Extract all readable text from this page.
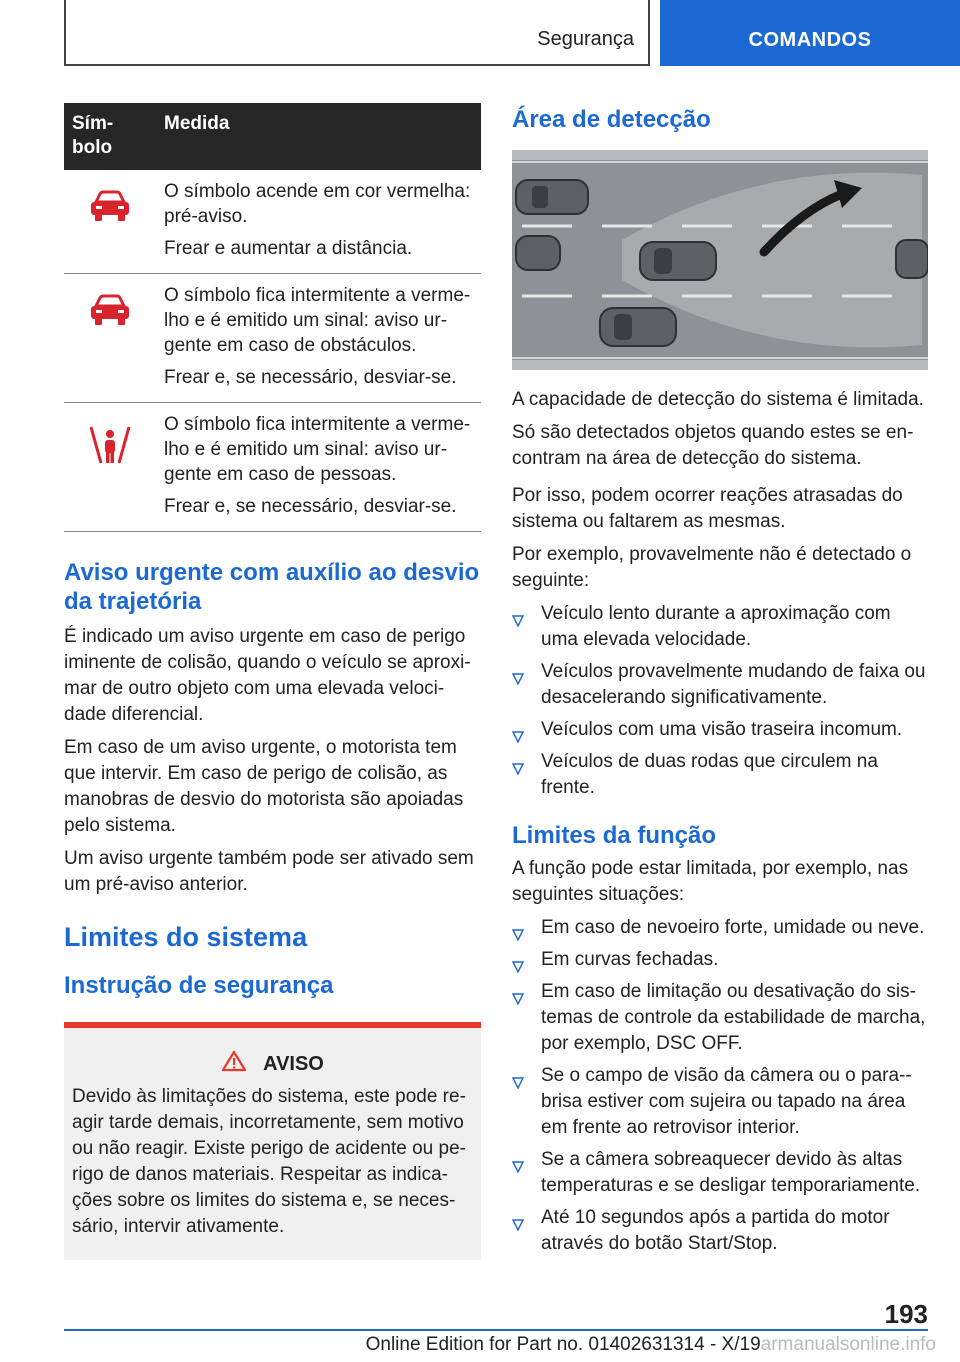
Segurança	COMANDOS
Sím-
bolo	Medida

O símbolo acende em cor vermelha: pré-aviso.

Frear e aumentar a distância.

O símbolo fica intermitente a verme-lho e é emitido um sinal: aviso ur-gente em caso de obstáculos.

Frear e, se necessário, desviar-se.

O símbolo fica intermitente a verme-lho e é emitido um sinal: aviso ur-gente em caso de pessoas.

Frear e, se necessário, desviar-se.

Aviso urgente com auxílio ao desvio da trajetória

É indicado um aviso urgente em caso de perigo iminente de colisão, quando o veículo se aproxi-mar de outro objeto com uma elevada veloci-dade diferencial.

Em caso de um aviso urgente, o motorista tem que intervir. Em caso de perigo de colisão, as manobras de desvio do motorista são apoiadas pelo sistema.

Um aviso urgente também pode ser ativado sem um pré-aviso anterior.

Limites do sistema
Instrução de segurança
AVISO

Devido às limitações do sistema, este pode re-agir tarde demais, incorretamente, sem motivo ou não reagir. Existe perigo de acidente ou pe-rigo de danos materiais. Respeitar as indica-ções sobre os limites do sistema e, se neces-sário, intervir ativamente.

Área de detecção

A capacidade de detecção do sistema é limitada.

Só são detectados objetos quando estes se en-contram na área de detecção do sistema.

Por isso, podem ocorrer reações atrasadas do sistema ou faltarem as mesmas.

Por exemplo, provavelmente não é detectado o seguinte:

Veículo lento durante a aproximação com uma elevada velocidade.
Veículos provavelmente mudando de faixa ou desacelerando significativamente.
Veículos com uma visão traseira incomum.
Veículos de duas rodas que circulem na frente.
Limites da função

A função pode estar limitada, por exemplo, nas seguintes situações:

Em caso de nevoeiro forte, umidade ou neve.
Em curvas fechadas.
Em caso de limitação ou desativação do sis-temas de controle da estabilidade de marcha, por exemplo, DSC OFF.
Se o campo de visão da câmera ou o para--brisa estiver com sujeira ou tapado na área em frente ao retrovisor interior.
Se a câmera sobreaquecer devido às altas temperaturas e se desligar temporariamente.
Até 10 segundos após a partida do motor através do botão Start/Stop.
193
Online Edition for Part no. 01402631314 - X/19armanualsonline.info
